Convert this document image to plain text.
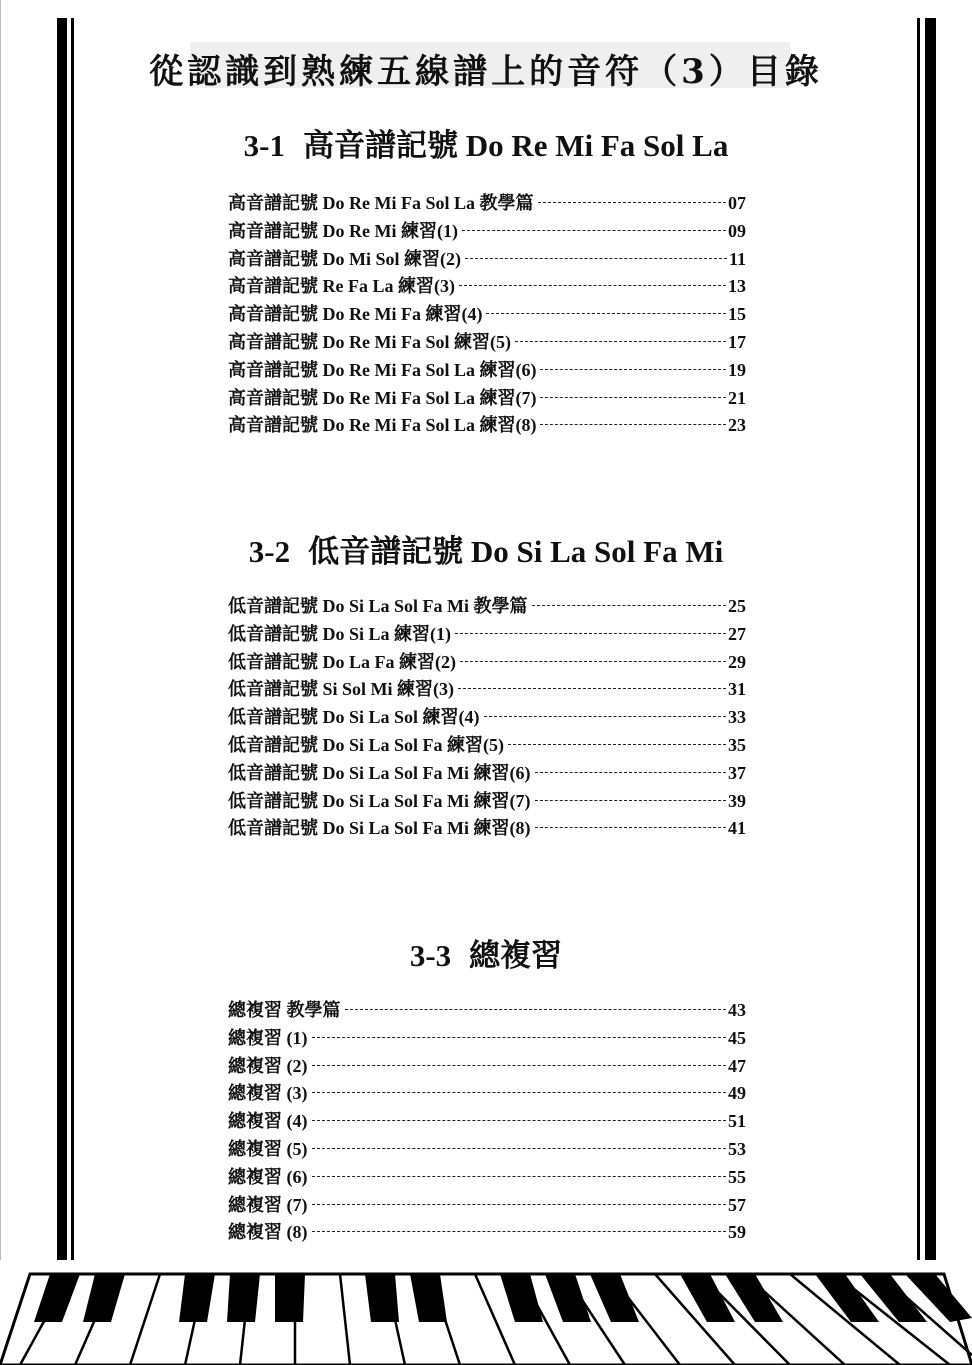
從認識到熟練五線譜上的音符（3）目錄
3-1 高音譜記號 Do Re Mi Fa Sol La
高音譜記號 Do Re Mi Fa Sol La 教學篇	07
高音譜記號 Do Re Mi 練習(1)	09
高音譜記號 Do Mi Sol 練習(2)	11
高音譜記號 Re Fa La 練習(3)	13
高音譜記號 Do Re Mi Fa 練習(4)	15
高音譜記號 Do Re Mi Fa Sol 練習(5)	17
高音譜記號 Do Re Mi Fa Sol La 練習(6)	19
高音譜記號 Do Re Mi Fa Sol La 練習(7)	21
高音譜記號 Do Re Mi Fa Sol La 練習(8)	23
3-2 低音譜記號 Do Si La Sol Fa Mi
低音譜記號 Do Si La Sol Fa Mi 教學篇	25
低音譜記號 Do Si La 練習(1)	27
低音譜記號 Do La Fa 練習(2)	29
低音譜記號 Si Sol Mi 練習(3)	31
低音譜記號 Do Si La Sol 練習(4)	33
低音譜記號 Do Si La Sol Fa 練習(5)	35
低音譜記號 Do Si La Sol Fa Mi 練習(6)	37
低音譜記號 Do Si La Sol Fa Mi 練習(7)	39
低音譜記號 Do Si La Sol Fa Mi 練習(8)	41
3-3 總複習
總複習 教學篇	43
總複習 (1)	45
總複習 (2)	47
總複習 (3)	49
總複習 (4)	51
總複習 (5)	53
總複習 (6)	55
總複習 (7)	57
總複習 (8)	59
